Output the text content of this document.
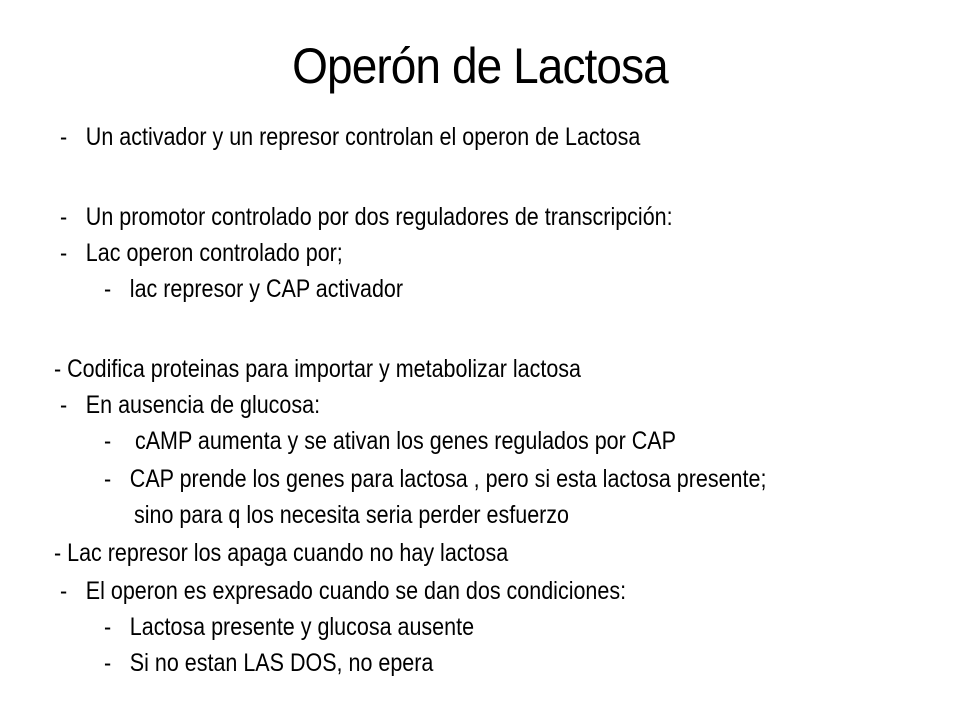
Operón de Lactosa
- Un activador y un represor controlan el operon de Lactosa
- Un promotor controlado por dos reguladores de transcripción:
- Lac operon controlado por;
- lac represor y CAP activador
- Codifica proteinas para importar y metabolizar lactosa
- En ausencia de glucosa:
- cAMP aumenta y se ativan los genes regulados por CAP
- CAP prende los genes para lactosa , pero si esta lactosa presente;
sino para q los necesita seria perder esfuerzo
- Lac represor los apaga cuando no hay lactosa
- El operon es expresado cuando se dan dos condiciones:
- Lactosa presente y glucosa ausente
- Si no estan LAS DOS, no epera
